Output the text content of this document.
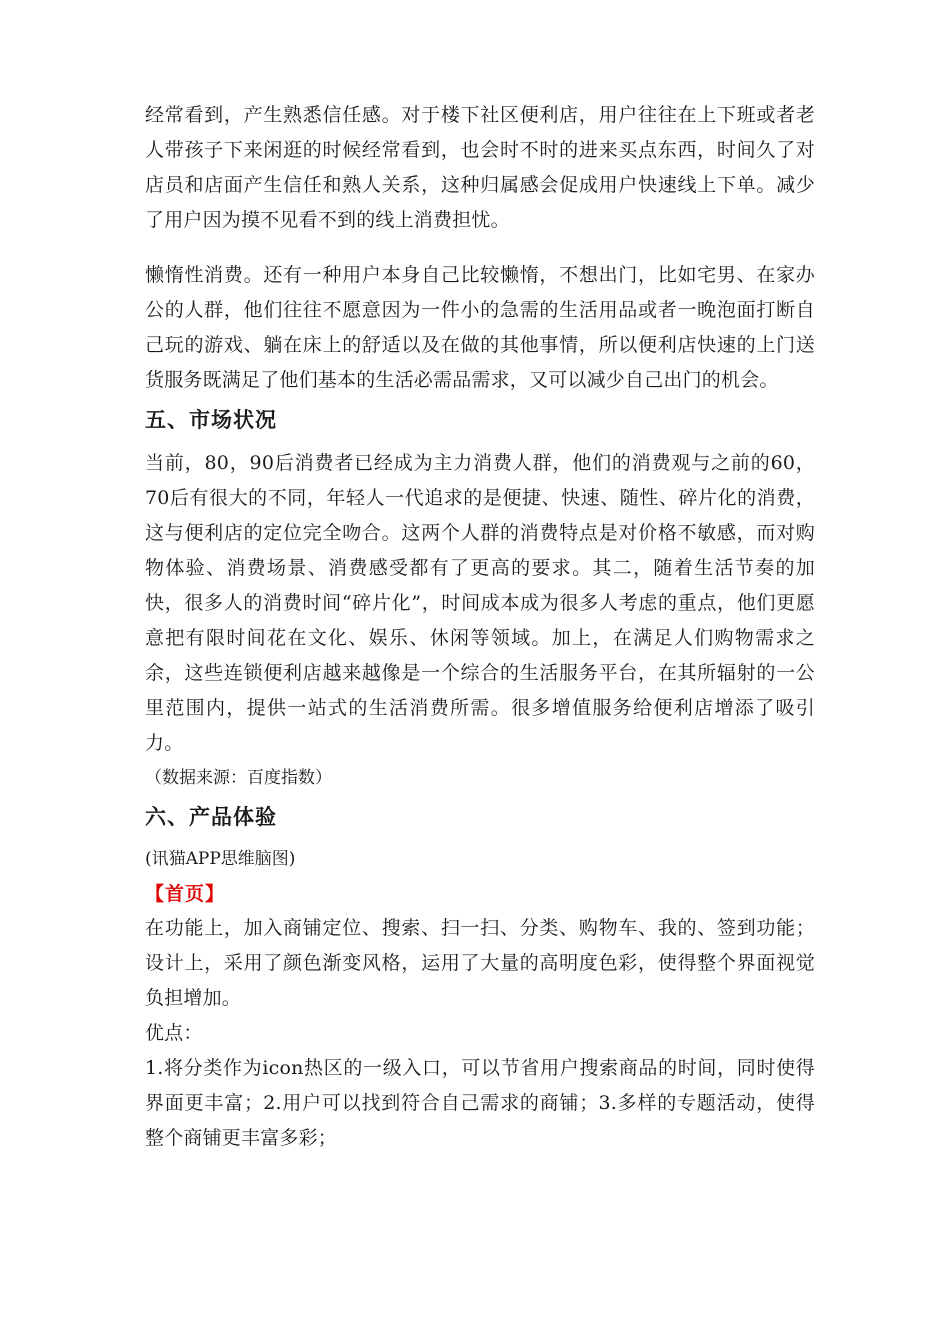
经常看到，产生熟悉信任感。对于楼下社区便利店，用户往往在上下班或者老人带孩子下来闲逛的时候经常看到，也会时不时的进来买点东西，时间久了对店员和店面产生信任和熟人关系，这种归属感会促成用户快速线上下单。减少了用户因为摸不见看不到的线上消费担忧。

懒惰性消费。还有一种用户本身自己比较懒惰，不想出门，比如宅男、在家办公的人群，他们往往不愿意因为一件小的急需的生活用品或者一晚泡面打断自己玩的游戏、躺在床上的舒适以及在做的其他事情，所以便利店快速的上门送货服务既满足了他们基本的生活必需品需求，又可以减少自己出门的机会。

五、市场状况

当前，80，90后消费者已经成为主力消费人群，他们的消费观与之前的60，70后有很大的不同，年轻人一代追求的是便捷、快速、随性、碎片化的消费，这与便利店的定位完全吻合。这两个人群的消费特点是对价格不敏感，而对购物体验、消费场景、消费感受都有了更高的要求。其二，随着生活节奏的加快，很多人的消费时间“碎片化”，时间成本成为很多人考虑的重点，他们更愿意把有限时间花在文化、娱乐、休闲等领域。加上，在满足人们购物需求之余，这些连锁便利店越来越像是一个综合的生活服务平台，在其所辐射的一公里范围内，提供一站式的生活消费所需。很多增值服务给便利店增添了吸引力。

（数据来源：百度指数）

六、产品体验

(讯猫APP思维脑图)

【首页】

在功能上，加入商铺定位、搜索、扫一扫、分类、购物车、我的、签到功能；设计上，采用了颜色渐变风格，运用了大量的高明度色彩，使得整个界面视觉负担增加。

优点：

1.将分类作为icon热区的一级入口，可以节省用户搜索商品的时间，同时使得界面更丰富；2.用户可以找到符合自己需求的商铺；3.多样的专题活动，使得整个商铺更丰富多彩；
